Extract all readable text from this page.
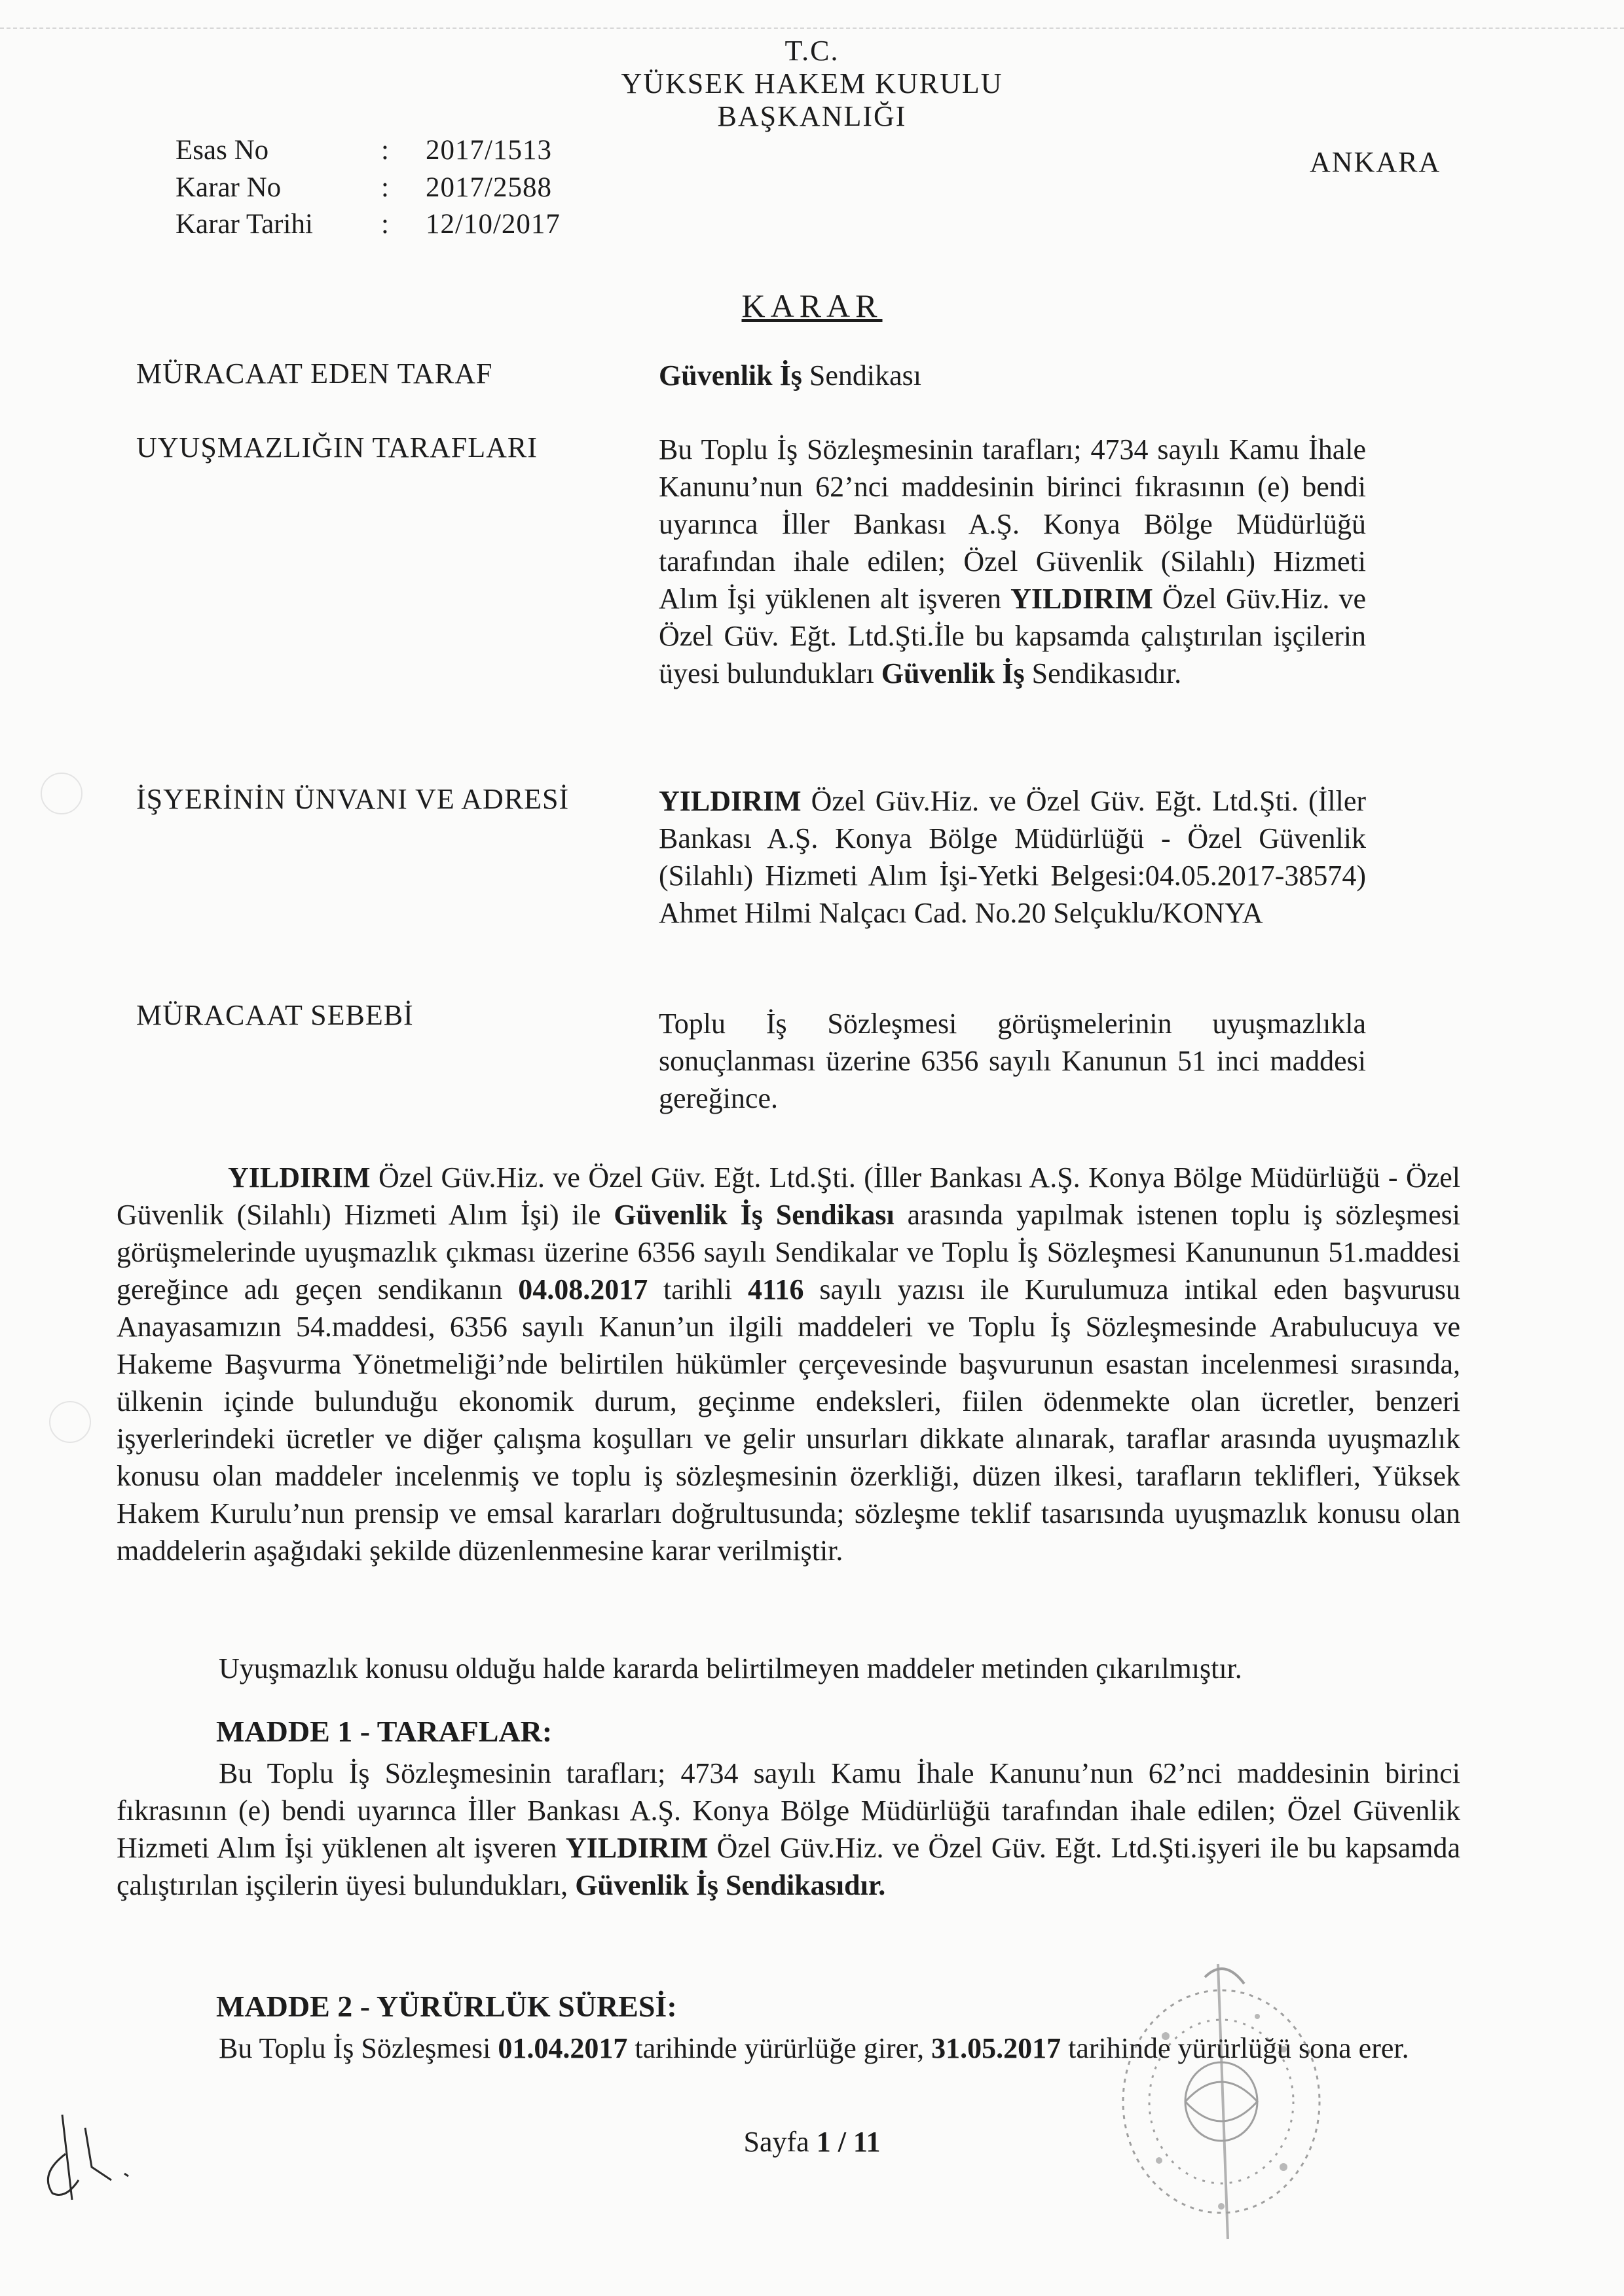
T.C.
YÜKSEK HAKEM KURULU
BAŞKANLIĞI
ANKARA
Esas No	: 2017/1513
Karar No	: 2017/2588
Karar Tarihi : 12/10/2017
KARAR
MÜRACAAT EDEN TARAF	Güvenlik İş Sendikası
UYUŞMAZLIĞIN TARAFLARI	Bu Toplu İş Sözleşmesinin tarafları; 4734 sayılı Kamu İhale Kanunu’nun 62’nci maddesinin birinci fıkrasının (e) bendi uyarınca İller Bankası A.Ş. Konya Bölge Müdürlüğü tarafından ihale edilen; Özel Güvenlik (Silahlı) Hizmeti Alım İşi yüklenen alt işveren YILDIRIM Özel Güv.Hiz. ve Özel Güv. Eğt. Ltd.Şti.İle bu kapsamda çalıştırılan işçilerin üyesi bulundukları Güvenlik İş Sendikasıdır.
İŞYERİNİN ÜNVANI VE ADRESİ	YILDIRIM Özel Güv.Hiz. ve Özel Güv. Eğt. Ltd.Şti. (İller Bankası A.Ş. Konya Bölge Müdürlüğü - Özel Güvenlik (Silahlı) Hizmeti Alım İşi-Yetki Belgesi:04.05.2017-38574) Ahmet Hilmi Nalçacı Cad. No.20 Selçuklu/KONYA
MÜRACAAT SEBEBİ	Toplu İş Sözleşmesi görüşmelerinin uyuşmazlıkla sonuçlanması üzerine 6356 sayılı Kanunun 51 inci maddesi gereğince.
YILDIRIM Özel Güv.Hiz. ve Özel Güv. Eğt. Ltd.Şti. (İller Bankası A.Ş. Konya Bölge Müdürlüğü - Özel Güvenlik (Silahlı) Hizmeti Alım İşi) ile Güvenlik İş Sendikası arasında yapılmak istenen toplu iş sözleşmesi görüşmelerinde uyuşmazlık çıkması üzerine 6356 sayılı Sendikalar ve Toplu İş Sözleşmesi Kanununun 51.maddesi gereğince adı geçen sendikanın 04.08.2017 tarihli 4116 sayılı yazısı ile Kurulumuza intikal eden başvurusu Anayasamızın 54.maddesi, 6356 sayılı Kanun’un ilgili maddeleri ve Toplu İş Sözleşmesinde Arabulucuya ve Hakeme Başvurma Yönetmeliği’nde belirtilen hükümler çerçevesinde başvurunun esastan incelenmesi sırasında, ülkenin içinde bulunduğu ekonomik durum, geçinme endeksleri, fiilen ödenmekte olan ücretler, benzeri işyerlerindeki ücretler ve diğer çalışma koşulları ve gelir unsurları dikkate alınarak, taraflar arasında uyuşmazlık konusu olan maddeler incelenmiş ve toplu iş sözleşmesinin özerkliği, düzen ilkesi, tarafların teklifleri, Yüksek Hakem Kurulu’nun prensip ve emsal kararları doğrultusunda; sözleşme teklif tasarısında uyuşmazlık konusu olan maddelerin aşağıdaki şekilde düzenlenmesine karar verilmiştir.
Uyuşmazlık konusu olduğu halde kararda belirtilmeyen maddeler metinden çıkarılmıştır.
MADDE 1 - TARAFLAR:
Bu Toplu İş Sözleşmesinin tarafları; 4734 sayılı Kamu İhale Kanunu’nun 62’nci maddesinin birinci fıkrasının (e) bendi uyarınca İller Bankası A.Ş. Konya Bölge Müdürlüğü tarafından ihale edilen; Özel Güvenlik Hizmeti Alım İşi yüklenen alt işveren YILDIRIM Özel Güv.Hiz. ve Özel Güv. Eğt. Ltd.Şti.işyeri ile bu kapsamda çalıştırılan işçilerin üyesi bulundukları, Güvenlik İş Sendikasıdır.
MADDE 2 - YÜRÜRLÜK SÜRESİ:
Bu Toplu İş Sözleşmesi 01.04.2017 tarihinde yürürlüğe girer, 31.05.2017 tarihinde yürürlüğü sona erer.
Sayfa 1 / 11
